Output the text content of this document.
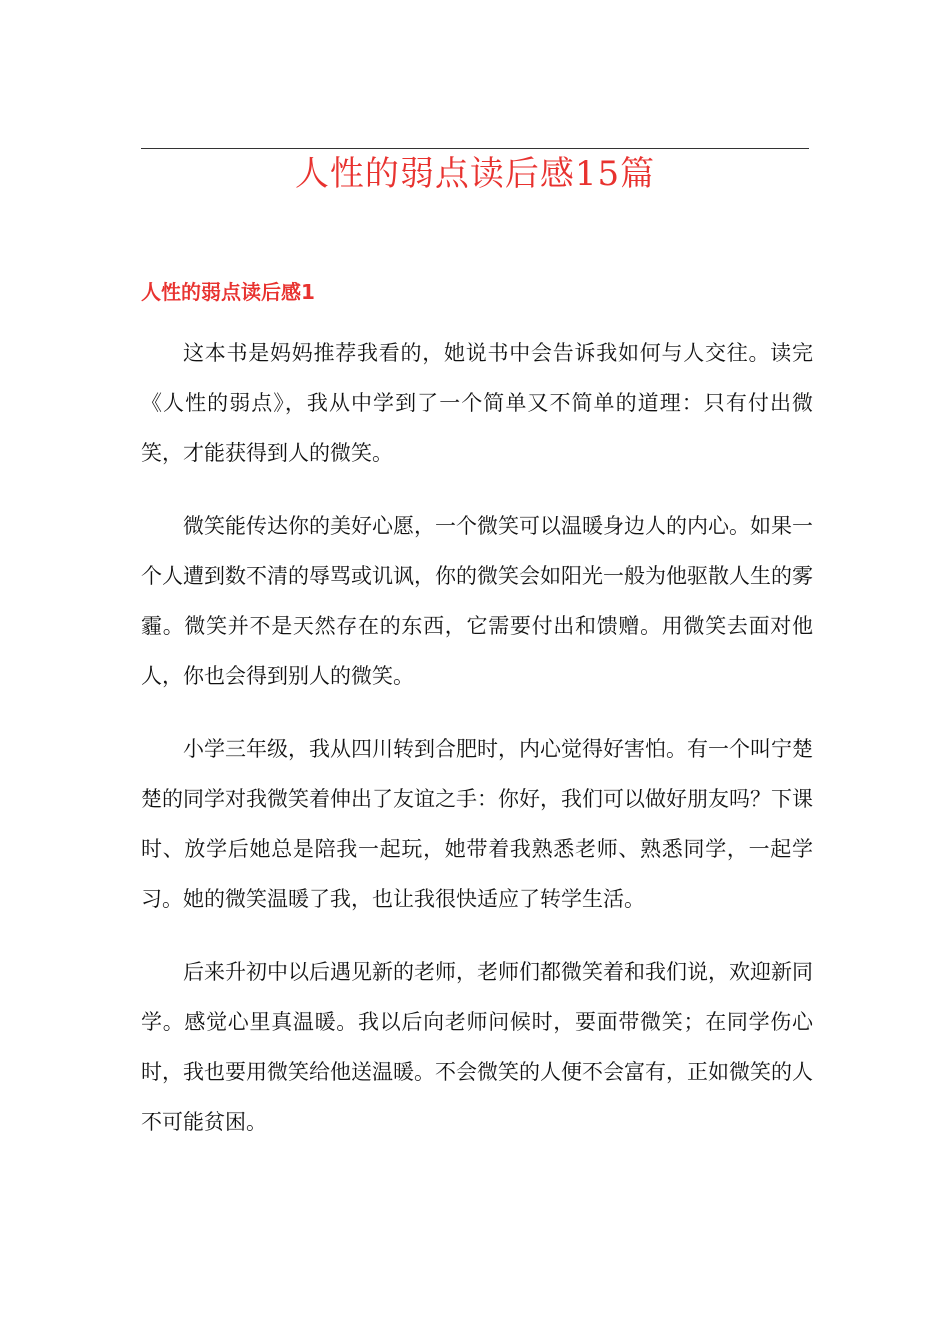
人性的弱点读后感15篇
人性的弱点读后感1

这本书是妈妈推荐我看的，她说书中会告诉我如何与人交往。读完《人性的弱点》，我从中学到了一个简单又不简单的道理：只有付出微笑，才能获得到人的微笑。

微笑能传达你的美好心愿，一个微笑可以温暖身边人的内心。如果一个人遭到数不清的辱骂或讥讽，你的微笑会如阳光一般为他驱散人生的雾霾。微笑并不是天然存在的东西，它需要付出和馈赠。用微笑去面对他人，你也会得到别人的微笑。

小学三年级，我从四川转到合肥时，内心觉得好害怕。有一个叫宁楚楚的同学对我微笑着伸出了友谊之手：你好，我们可以做好朋友吗？下课时、放学后她总是陪我一起玩，她带着我熟悉老师、熟悉同学，一起学习。她的微笑温暖了我，也让我很快适应了转学生活。

后来升初中以后遇见新的老师，老师们都微笑着和我们说，欢迎新同学。感觉心里真温暖。我以后向老师问候时，要面带微笑；在同学伤心时，我也要用微笑给他送温暖。不会微笑的人便不会富有，正如微笑的人不可能贫困。
